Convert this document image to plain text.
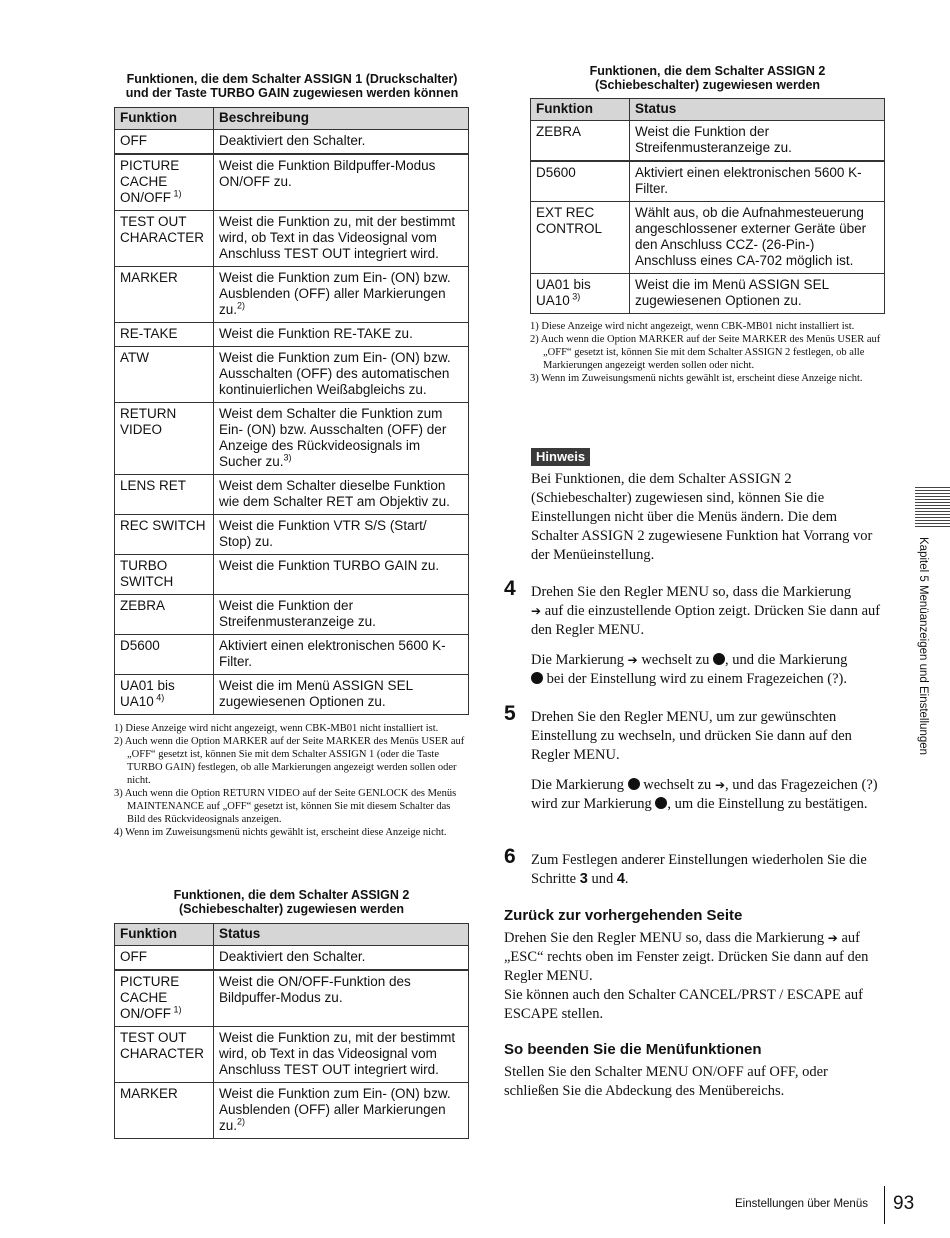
Funktionen, die dem Schalter ASSIGN 1 (Druckschalter)
und der Taste TURBO GAIN zugewiesen werden können
Funktion	Beschreibung
OFF	Deaktiviert den Schalter.
PICTURE
CACHE
ON/OFF $^{1)}$	Weist die Funktion Bildpuffer-Modus
ON/OFF zu.
TEST OUT
CHARACTER	Weist die Funktion zu, mit der bestimmt
wird, ob Text in das Videosignal vom
Anschluss TEST OUT integriert wird.
MARKER	Weist die Funktion zum Ein- (ON) bzw.
Ausblenden (OFF) aller Markierungen
zu.$^{2)}$
RE-TAKE	Weist die Funktion RE-TAKE zu.
ATW	Weist die Funktion zum Ein- (ON) bzw.
Ausschalten (OFF) des automatischen
kontinuierlichen Weißabgleichs zu.
RETURN
VIDEO	Weist dem Schalter die Funktion zum
Ein- (ON) bzw. Ausschalten (OFF) der
Anzeige des Rückvideosignals im
Sucher zu.$^{3)}$
LENS RET	Weist dem Schalter dieselbe Funktion
wie dem Schalter RET am Objektiv zu.
REC SWITCH	Weist die Funktion VTR S/S (Start/
Stop) zu.
TURBO
SWITCH	Weist die Funktion TURBO GAIN zu.
ZEBRA	Weist die Funktion der
Streifenmusteranzeige zu.
D5600	Aktiviert einen elektronischen 5600 K-
Filter.
UA01 bis
UA10 $^{4)}$	Weist die im Menü ASSIGN SEL
zugewiesenen Optionen zu.
1) Diese Anzeige wird nicht angezeigt, wenn CBK-MB01 nicht installiert ist.
2) Auch wenn die Option MARKER auf der Seite MARKER des Menüs USER auf „OFF“ gesetzt ist, können Sie mit dem Schalter ASSIGN 1 (oder die Taste TURBO GAIN) festlegen, ob alle Markierungen angezeigt werden sollen oder nicht.
3) Auch wenn die Option RETURN VIDEO auf der Seite GENLOCK des Menüs MAINTENANCE auf „OFF“ gesetzt ist, können Sie mit diesem Schalter das Bild des Rückvideosignals anzeigen.
4) Wenn im Zuweisungsmenü nichts gewählt ist, erscheint diese Anzeige nicht.
Funktionen, die dem Schalter ASSIGN 2
(Schiebeschalter) zugewiesen werden
Funktion	Status
OFF	Deaktiviert den Schalter.
PICTURE
CACHE
ON/OFF $^{1)}$	Weist die ON/OFF-Funktion des
Bildpuffer-Modus zu.
TEST OUT
CHARACTER	Weist die Funktion zu, mit der bestimmt
wird, ob Text in das Videosignal vom
Anschluss TEST OUT integriert wird.
MARKER	Weist die Funktion zum Ein- (ON) bzw.
Ausblenden (OFF) aller Markierungen
zu.$^{2)}$
Funktionen, die dem Schalter ASSIGN 2
(Schiebeschalter) zugewiesen werden
Funktion	Status
ZEBRA	Weist die Funktion der
Streifenmusteranzeige zu.
D5600	Aktiviert einen elektronischen 5600 K-
Filter.
EXT REC
CONTROL	Wählt aus, ob die Aufnahmesteuerung
angeschlossener externer Geräte über
den Anschluss CCZ- (26-Pin-)
Anschluss eines CA-702 möglich ist.
UA01 bis
UA10 $^{3)}$	Weist die im Menü ASSIGN SEL
zugewiesenen Optionen zu.
1) Diese Anzeige wird nicht angezeigt, wenn CBK-MB01 nicht installiert ist.
2) Auch wenn die Option MARKER auf der Seite MARKER des Menüs USER auf „OFF“ gesetzt ist, können Sie mit dem Schalter ASSIGN 2 festlegen, ob alle Markierungen angezeigt werden sollen oder nicht.
3) Wenn im Zuweisungsmenü nichts gewählt ist, erscheint diese Anzeige nicht.
Hinweis
Bei Funktionen, die dem Schalter ASSIGN 2 (Schiebeschalter) zugewiesen sind, können Sie die Einstellungen nicht über die Menüs ändern. Die dem Schalter ASSIGN 2 zugewiesene Funktion hat Vorrang vor der Menüeinstellung.
4 Drehen Sie den Regler MENU so, dass die Markierung
➔ auf die einzustellende Option zeigt. Drücken Sie dann auf den Regler MENU.
Die Markierung ➔ wechselt zu , und die Markierung
bei der Einstellung wird zu einem Fragezeichen (?).
5 Drehen Sie den Regler MENU, um zur gewünschten Einstellung zu wechseln, und drücken Sie dann auf den Regler MENU.
Die Markierung wechselt zu ➔, und das Fragezeichen (?) wird zur Markierung , um die Einstellung zu bestätigen.
6 Zum Festlegen anderer Einstellungen wiederholen Sie die Schritte 3 und 4.
Zurück zur vorhergehenden Seite
Drehen Sie den Regler MENU so, dass die Markierung ➔ auf „ESC“ rechts oben im Fenster zeigt. Drücken Sie dann auf den Regler MENU.
Sie können auch den Schalter CANCEL/PRST / ESCAPE auf ESCAPE stellen.
So beenden Sie die Menüfunktionen
Stellen Sie den Schalter MENU ON/OFF auf OFF, oder schließen Sie die Abdeckung des Menübereichs.
Kapitel 5 Menüanzeigen und Einstellungen
Einstellungen über Menüs 93
